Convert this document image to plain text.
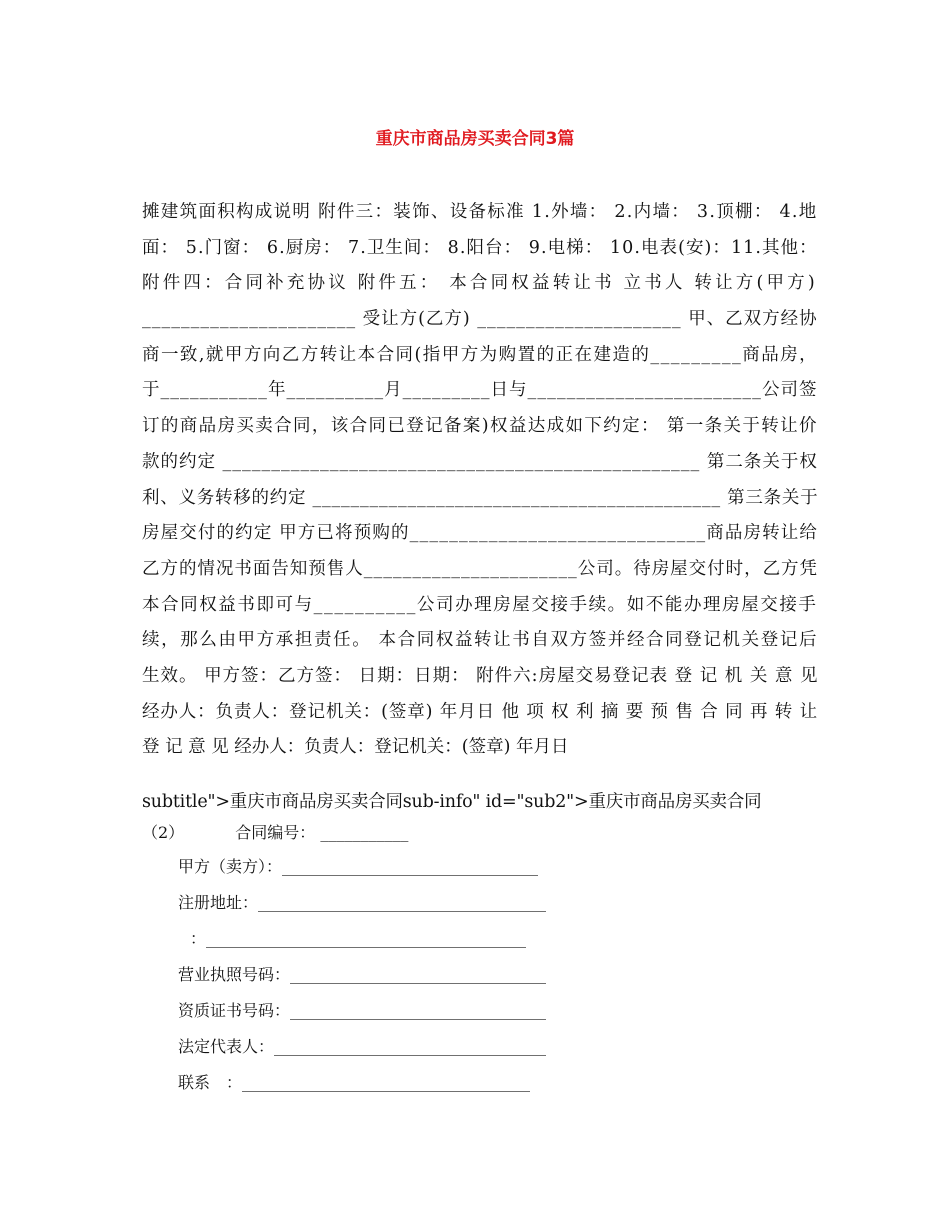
重庆市商品房买卖合同3篇
摊建筑面积构成说明 附件三：装饰、设备标准 1.外墙： 2.内墙： 3.顶棚： 4.地
面： 5.门窗： 6.厨房： 7.卫生间： 8.阳台： 9.电梯： 10.电表(安)：11.其他：
附件四：合同补充协议 附件五： 本合同权益转让书 立书人 转让方(甲方)
______________________ 受让方(乙方) _____________________ 甲、乙双方经协
商一致,就甲方向乙方转让本合同(指甲方为购置的正在建造的_________商品房，
于___________年__________月_________日与________________________公司签
订的商品房买卖合同，该合同已登记备案)权益达成如下约定： 第一条关于转让价
款的约定 _________________________________________________ 第二条关于权
利、义务转移的约定 ___________________________________________ 第三条关于
房屋交付的约定 甲方已将预购的______________________________商品房转让给
乙方的情况书面告知预售人______________________公司。待房屋交付时，乙方凭
本合同权益书即可与__________公司办理房屋交接手续。如不能办理房屋交接手
续，那么由甲方承担责任。 本合同权益转让书自双方签并经合同登记机关登记后
生效。 甲方签：乙方签： 日期：日期： 附件六:房屋交易登记表 登 记 机 关 意 见
经办人：负责人：登记机关：(签章) 年月日 他 项 权 利 摘 要 预 售 合 同 再 转 让
登 记 意 见 经办人：负责人：登记机关：(签章) 年月日
subtitle">重庆市商品房买卖合同sub-info" id="sub2">重庆市商品房买卖合同
（2）	合同编号： ___________
甲方（卖方）：________________________________
注册地址：____________________________________
：________________________________________
营业执照号码：________________________________
资质证书号码：________________________________
法定代表人：__________________________________
联系　：____________________________________
